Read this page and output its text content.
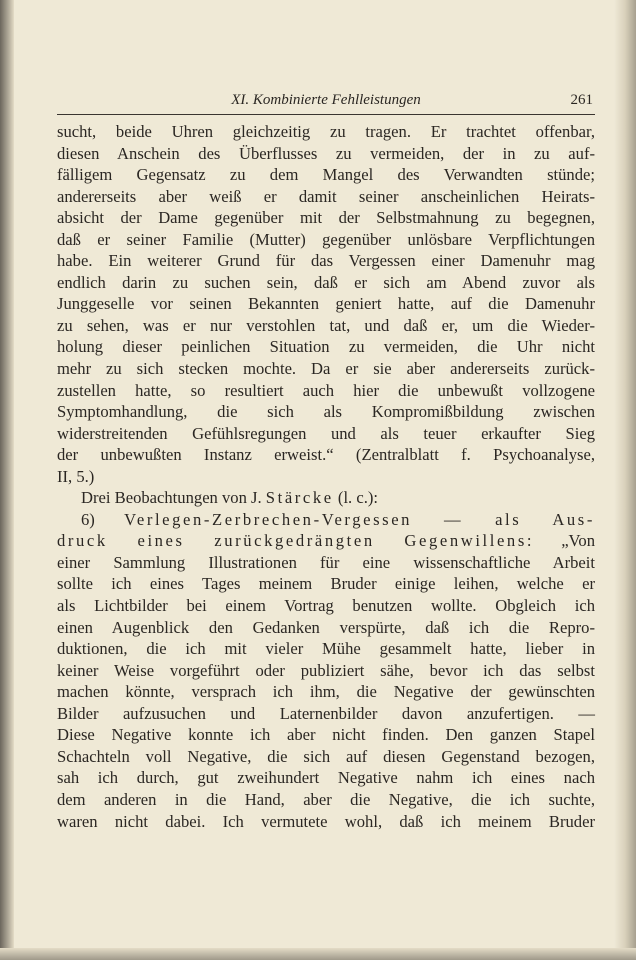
XI. Kombinierte Fehlleistungen	261
sucht, beide Uhren gleichzeitig zu tragen. Er trachtet offenbar,
diesen Anschein des Überflusses zu vermeiden, der in zu auf-
fälligem Gegensatz zu dem Mangel des Verwandten stünde;
andererseits aber weiß er damit seiner anscheinlichen Heirats-
absicht der Dame gegenüber mit der Selbstmahnung zu begegnen,
daß er seiner Familie (Mutter) gegenüber unlösbare Verpflichtungen
habe. Ein weiterer Grund für das Vergessen einer Damenuhr mag
endlich darin zu suchen sein, daß er sich am Abend zuvor als
Junggeselle vor seinen Bekannten geniert hatte, auf die Damenuhr
zu sehen, was er nur verstohlen tat, und daß er, um die Wieder-
holung dieser peinlichen Situation zu vermeiden, die Uhr nicht
mehr zu sich stecken mochte. Da er sie aber andererseits zurück-
zustellen hatte, so resultiert auch hier die unbewußt vollzogene
Symptomhandlung, die sich als Kompromißbildung zwischen
widerstreitenden Gefühlsregungen und als teuer erkaufter Sieg
der unbewußten Instanz erweist.“ (Zentralblatt f. Psychoanalyse,
II, 5.)
Drei Beobachtungen von J. Stärcke (l. c.):
6) Verlegen-Zerbrechen-Vergessen — als Aus-
druck eines zurückgedrängten Gegenwillens: „Von
einer Sammlung Illustrationen für eine wissenschaftliche Arbeit
sollte ich eines Tages meinem Bruder einige leihen, welche er
als Lichtbilder bei einem Vortrag benutzen wollte. Obgleich ich
einen Augenblick den Gedanken verspürte, daß ich die Repro-
duktionen, die ich mit vieler Mühe gesammelt hatte, lieber in
keiner Weise vorgeführt oder publiziert sähe, bevor ich das selbst
machen könnte, versprach ich ihm, die Negative der gewünschten
Bilder aufzusuchen und Laternenbilder davon anzufertigen. —
Diese Negative konnte ich aber nicht finden. Den ganzen Stapel
Schachteln voll Negative, die sich auf diesen Gegenstand bezogen,
sah ich durch, gut zweihundert Negative nahm ich eines nach
dem anderen in die Hand, aber die Negative, die ich suchte,
waren nicht dabei. Ich vermutete wohl, daß ich meinem Bruder
